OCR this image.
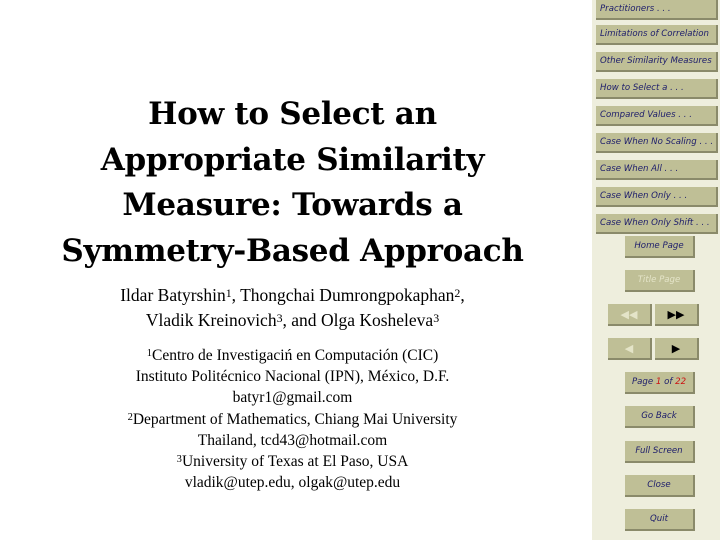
How to Select an
Appropriate Similarity
Measure: Towards a
Symmetry-Based Approach
Ildar Batyrshin$^1$, Thongchai Dumrongpokaphan$^2$,
Vladik Kreinovich$^3$, and Olga Kosheleva$^3$
$^1$Centro de Investigaciń en Computación (CIC)
Instituto Politécnico Nacional (IPN), México, D.F.
batyr1@gmail.com
$^2$Department of Mathematics, Chiang Mai University
Thailand, tcd43@hotmail.com
$^3$University of Texas at El Paso, USA
vladik@utep.edu, olgak@utep.edu
Practitioners . . .
Limitations of Correlation
Other Similarity Measures
How to Select a . . .
Compared Values . . .
Case When No Scaling . . .
Case When All . . .
Case When Only . . .
Case When Only Shift . . .
Home Page
Title Page
◀◀	▶▶
◀	▶
Page 1 of 22
Go Back
Full Screen
Close
Quit
